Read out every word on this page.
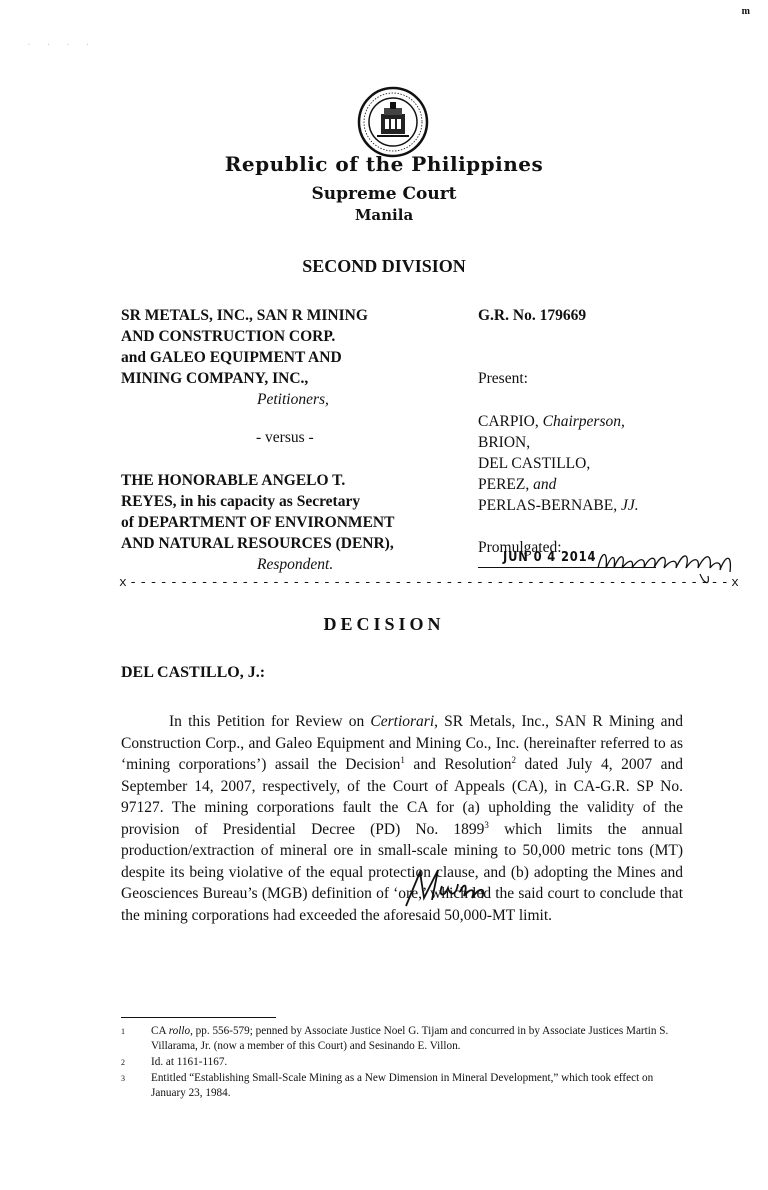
m
· · · ·
Republic of the Philippines
Supreme Court
Manila
SECOND DIVISION
SR METALS, INC., SAN R MINING
AND CONSTRUCTION CORP.
and GALEO EQUIPMENT AND
MINING COMPANY, INC.,
Petitioners,
- versus -
THE HONORABLE ANGELO T.
REYES, in his capacity as Secretary
of DEPARTMENT OF ENVIRONMENT
AND NATURAL RESOURCES (DENR),
Respondent.
G.R. No. 179669
Present:
CARPIO, Chairperson,
BRION,
DEL CASTILLO,
PEREZ, and
PERLAS-BERNABE, JJ.
Promulgated:
JUN 0 4 2014
x-----------------------------------------------------------x
DECISION
DEL CASTILLO, J.:

In this Petition for Review on Certiorari, SR Metals, Inc., SAN R Mining and Construction Corp., and Galeo Equipment and Mining Co., Inc. (hereinafter referred to as ‘mining corporations’) assail the Decision$^1$ and Resolution$^2$ dated July 4, 2007 and September 14, 2007, respectively, of the Court of Appeals (CA), in CA-G.R. SP No. 97127. The mining corporations fault the CA for (a) upholding the validity of the provision of Presidential Decree (PD) No. 1899$^3$ which limits the annual production/extraction of mineral ore in small-scale mining to 50,000 metric tons (MT) despite its being violative of the equal protection clause, and (b) adopting the Mines and Geosciences Bureau’s (MGB) definition of ‘ore,’ which led the said court to conclude that the mining corporations had exceeded the aforesaid 50,000-MT limit.

1	CA rollo, pp. 556-579; penned by Associate Justice Noel G. Tijam and concurred in by Associate Justices Martin S. Villarama, Jr. (now a member of this Court) and Sesinando E. Villon.
2	Id. at 1161-1167.
3	Entitled “Establishing Small-Scale Mining as a New Dimension in Mineral Development,” which took effect on January 23, 1984.
